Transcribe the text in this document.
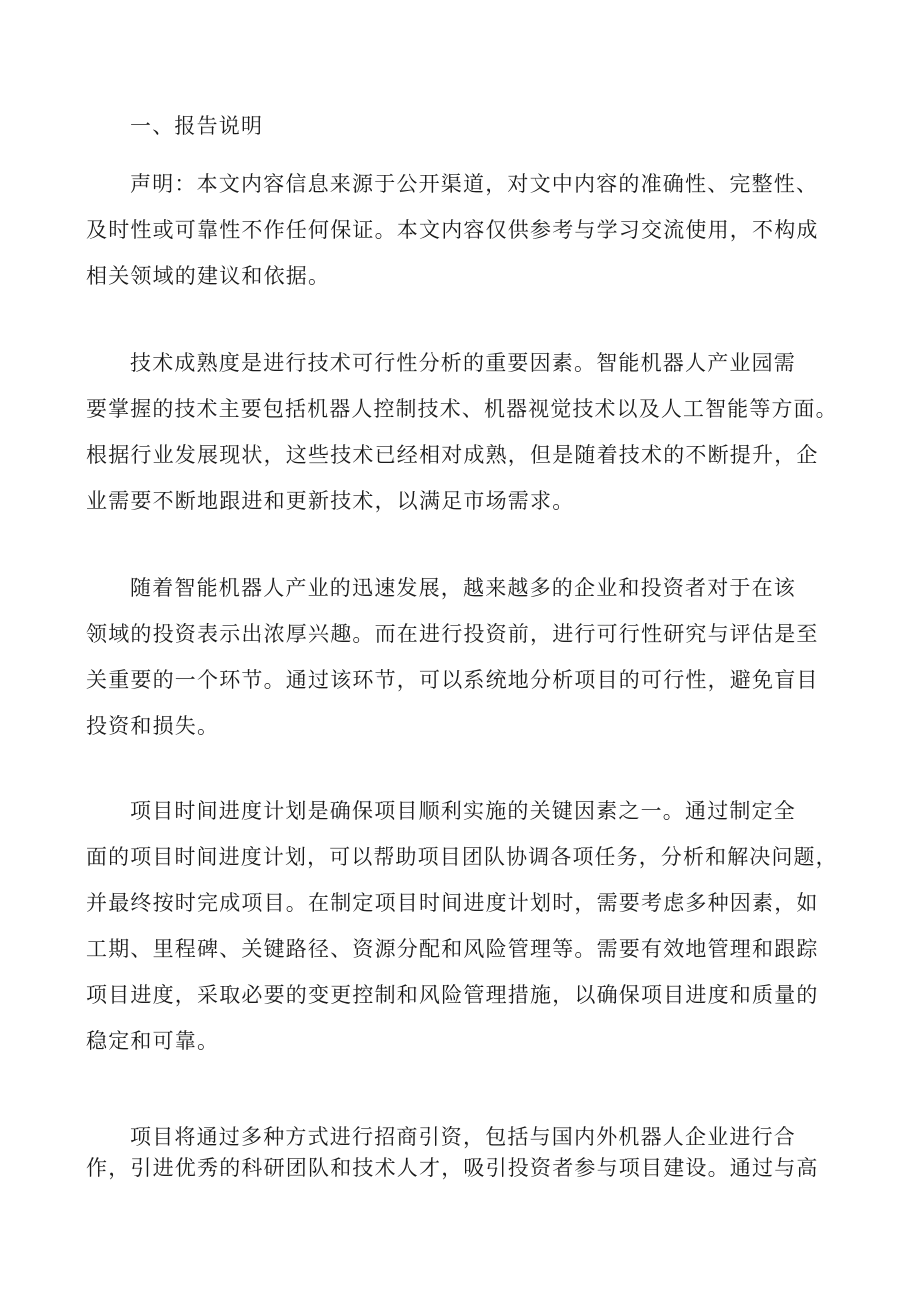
一、报告说明
声明：本文内容信息来源于公开渠道，对文中内容的准确性、完整性、
及时性或可靠性不作任何保证。本文内容仅供参考与学习交流使用，不构成
相关领域的建议和依据。
技术成熟度是进行技术可行性分析的重要因素。智能机器人产业园需
要掌握的技术主要包括机器人控制技术、机器视觉技术以及人工智能等方面。
根据行业发展现状，这些技术已经相对成熟，但是随着技术的不断提升，企
业需要不断地跟进和更新技术，以满足市场需求。
随着智能机器人产业的迅速发展，越来越多的企业和投资者对于在该
领域的投资表示出浓厚兴趣。而在进行投资前，进行可行性研究与评估是至
关重要的一个环节。通过该环节，可以系统地分析项目的可行性，避免盲目
投资和损失。
项目时间进度计划是确保项目顺利实施的关键因素之一。通过制定全
面的项目时间进度计划，可以帮助项目团队协调各项任务，分析和解决问题，
并最终按时完成项目。在制定项目时间进度计划时，需要考虑多种因素，如
工期、里程碑、关键路径、资源分配和风险管理等。需要有效地管理和跟踪
项目进度，采取必要的变更控制和风险管理措施，以确保项目进度和质量的
稳定和可靠。
项目将通过多种方式进行招商引资，包括与国内外机器人企业进行合
作，引进优秀的科研团队和技术人才，吸引投资者参与项目建设。通过与高
